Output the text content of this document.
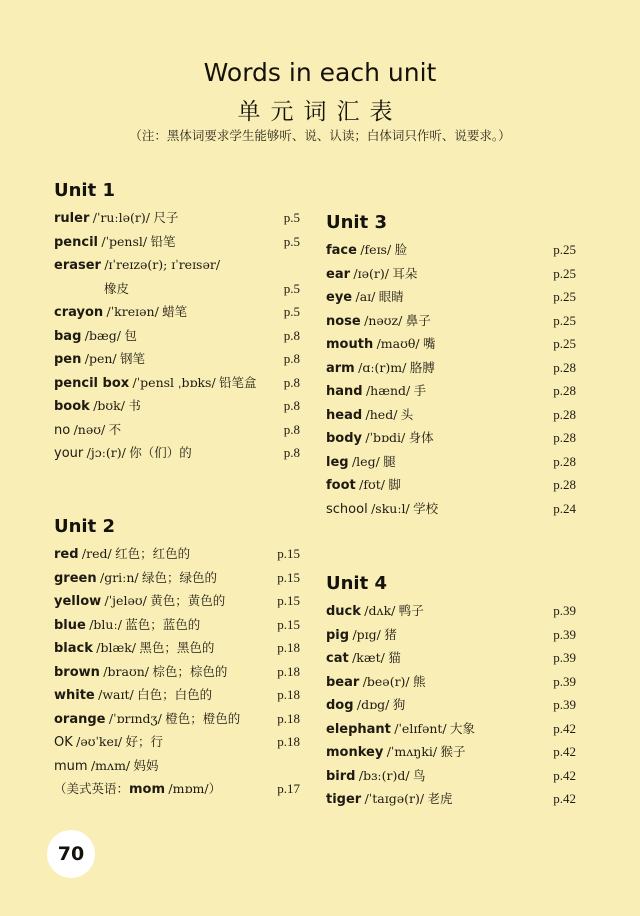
Words in each unit
单元词汇表
（注：黑体词要求学生能够听、说、认读；白体词只作听、说要求。）
Unit 1
ruler /ˈruːlə(r)/ 尺子	p.5
pencil /ˈpensl/ 铅笔	p.5
eraser /ɪˈreɪzə(r); ɪˈreɪsər/
橡皮	p.5
crayon /ˈkreɪən/ 蜡笔	p.5
bag /bæg/ 包	p.8
pen /pen/ 钢笔	p.8
pencil box /ˈpensl ˌbɒks/ 铅笔盒 p.8
book /bʊk/ 书	p.8
no /nəʊ/ 不	p.8
your /jɔː(r)/ 你（们）的	p.8
Unit 2
red /red/ 红色；红色的	p.15
green /griːn/ 绿色；绿色的	p.15
yellow /ˈjeləʊ/ 黄色；黄色的	p.15
blue /bluː/ 蓝色；蓝色的	p.15
black /blæk/ 黑色；黑色的	p.18
brown /braʊn/ 棕色；棕色的	p.18
white /waɪt/ 白色；白色的	p.18
orange /ˈɒrɪndʒ/ 橙色；橙色的	p.18
OK /əʊˈkeɪ/ 好；行	p.18
mum /mʌm/ 妈妈
（美式英语：mom /mɒm/）	p.17
Unit 3
face /feɪs/ 脸	p.25
ear /ɪə(r)/ 耳朵	p.25
eye /aɪ/ 眼睛	p.25
nose /nəʊz/ 鼻子	p.25
mouth /maʊθ/ 嘴	p.25
arm /ɑː(r)m/ 胳膊	p.28
hand /hænd/ 手	p.28
head /hed/ 头	p.28
body /ˈbɒdi/ 身体	p.28
leg /leg/ 腿	p.28
foot /fʊt/ 脚	p.28
school /skuːl/ 学校	p.24
Unit 4
duck /dʌk/ 鸭子	p.39
pig /pɪg/ 猪	p.39
cat /kæt/ 猫	p.39
bear /beə(r)/ 熊	p.39
dog /dɒg/ 狗	p.39
elephant /ˈelɪfənt/ 大象	p.42
monkey /ˈmʌŋki/ 猴子	p.42
bird /bɜː(r)d/ 鸟	p.42
tiger /ˈtaɪgə(r)/ 老虎	p.42
70
